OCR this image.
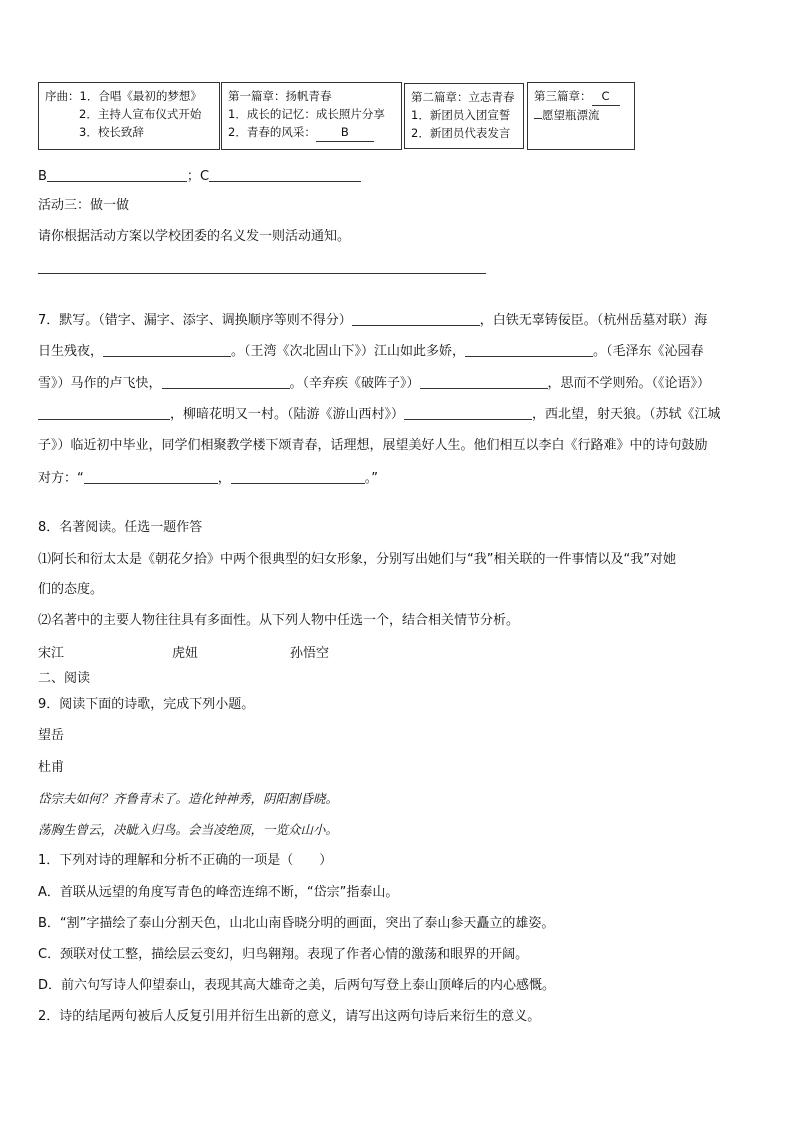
序曲：1．合唱《最初的梦想》
2．主持人宣布仪式开始
3．校长致辞
第一篇章：扬帆青春
1．成长的记忆：成长照片分享
2．青春的风采： B
第二篇章：立志青春
1．新团员入团宣誓
2．新团员代表发言
第三篇章： C
愿望瓶漂流
B	；C
活动三：做一做
请你根据活动方案以学校团委的名义发一则活动通知。
7．默写。（错字、漏字、添字、调换顺序等则不得分）	，白铁无辜铸佞臣。（杭州岳墓对联）海
日生残夜，	。（王湾《次北固山下》）江山如此多娇，	。（毛泽东《沁园春
雪》）马作的卢飞快，	。（辛弃疾《破阵子》）	，思而不学则殆。（《论语》）
，柳暗花明又一村。（陆游《游山西村》）	，西北望，射天狼。（苏轼《江城
子》）临近初中毕业，同学们相聚教学楼下颂青春，话理想，展望美好人生。他们相互以李白《行路难》中的诗句鼓励
对方：“	，	。”
8．名著阅读。任选一题作答
⑴阿长和衍太太是《朝花夕拾》中两个很典型的妇女形象，分别写出她们与“我”相关联的一件事情以及“我”对她
们的态度。
⑵名著中的主要人物往往具有多面性。从下列人物中任选一个，结合相关情节分析。
宋江	虎妞	孙悟空
二、阅读
9．阅读下面的诗歌，完成下列小题。
望岳
杜甫
岱宗夫如何？齐鲁青未了。造化钟神秀，阴阳割昏晓。
荡胸生曾云，决眦入归鸟。会当凌绝顶，一览众山小。
1．下列对诗的理解和分析不正确的一项是（　　）
A．首联从远望的角度写青色的峰峦连绵不断，“岱宗”指泰山。
B．“割”字描绘了泰山分割天色，山北山南昏晓分明的画面，突出了泰山参天矗立的雄姿。
C．颈联对仗工整，描绘层云变幻，归鸟翱翔。表现了作者心情的激荡和眼界的开阔。
D．前六句写诗人仰望泰山，表现其高大雄奇之美，后两句写登上泰山顶峰后的内心感慨。
2．诗的结尾两句被后人反复引用并衍生出新的意义，请写出这两句诗后来衍生的意义。
